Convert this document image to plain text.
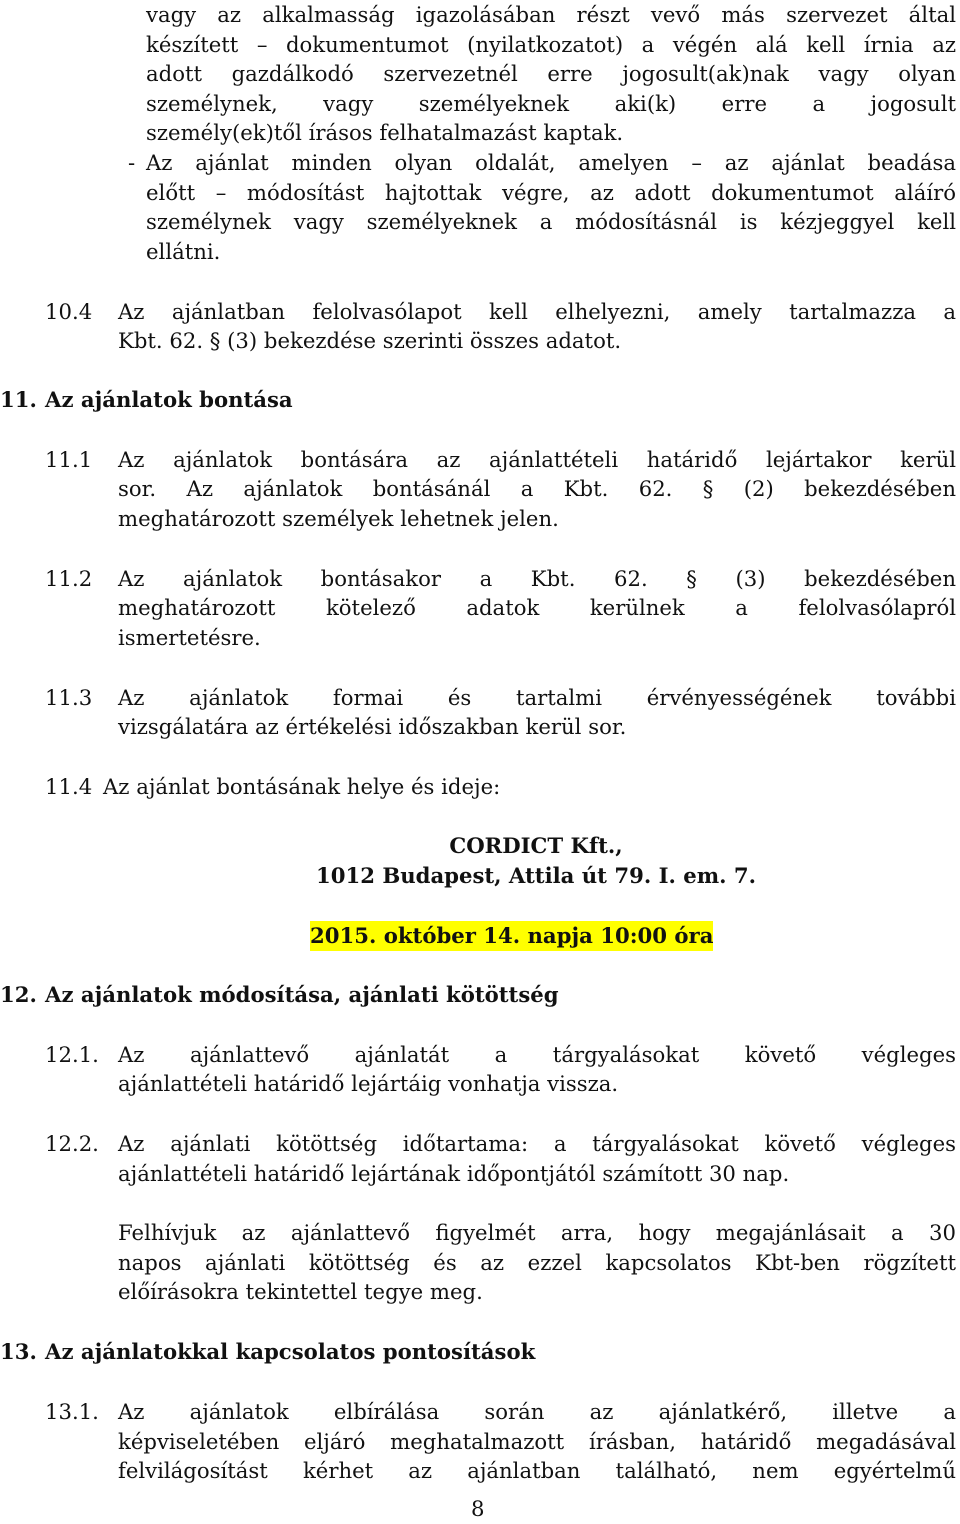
vagy az alkalmasság igazolásában részt vevő más szervezet által
készített – dokumentumot (nyilatkozatot) a végén alá kell írnia az
adott gazdálkodó szervezetnél erre jogosult(ak)nak vagy olyan
személynek, vagy személyeknek aki(k) erre a jogosult
személy(ek)től írásos felhatalmazást kaptak.
- Az ajánlat minden olyan oldalát, amelyen – az ajánlat beadása
előtt – módosítást hajtottak végre, az adott dokumentumot aláíró
személynek vagy személyeknek a módosításnál is kézjeggyel kell
ellátni.
10.4 Az ajánlatban felolvasólapot kell elhelyezni, amely tartalmazza a
Kbt. 62. § (3) bekezdése szerinti összes adatot.
11. Az ajánlatok bontása
11.1 Az ajánlatok bontására az ajánlattételi határidő lejártakor kerül
sor. Az ajánlatok bontásánál a Kbt. 62. § (2) bekezdésében
meghatározott személyek lehetnek jelen.
11.2 Az ajánlatok bontásakor a Kbt. 62. § (3) bekezdésében
meghatározott kötelező adatok kerülnek a felolvasólapról
ismertetésre.
11.3 Az ajánlatok formai és tartalmi érvényességének további
vizsgálatára az értékelési időszakban kerül sor.
11.4 Az ajánlat bontásának helye és ideje:
CORDICT Kft.,
1012 Budapest, Attila út 79. I. em. 7.
2015. október 14. napja 10:00 óra
12. Az ajánlatok módosítása, ajánlati kötöttség
12.1. Az ajánlattevő ajánlatát a tárgyalásokat követő végleges
ajánlattételi határidő lejártáig vonhatja vissza.
12.2. Az ajánlati kötöttség időtartama: a tárgyalásokat követő végleges
ajánlattételi határidő lejártának időpontjától számított 30 nap.
Felhívjuk az ajánlattevő figyelmét arra, hogy megajánlásait a 30
napos ajánlati kötöttség és az ezzel kapcsolatos Kbt-ben rögzített
előírásokra tekintettel tegye meg.
13. Az ajánlatokkal kapcsolatos pontosítások
13.1. Az ajánlatok elbírálása során az ajánlatkérő, illetve a
képviseletében eljáró meghatalmazott írásban, határidő megadásával
felvilágosítást kérhet az ajánlatban található, nem egyértelmű
8
